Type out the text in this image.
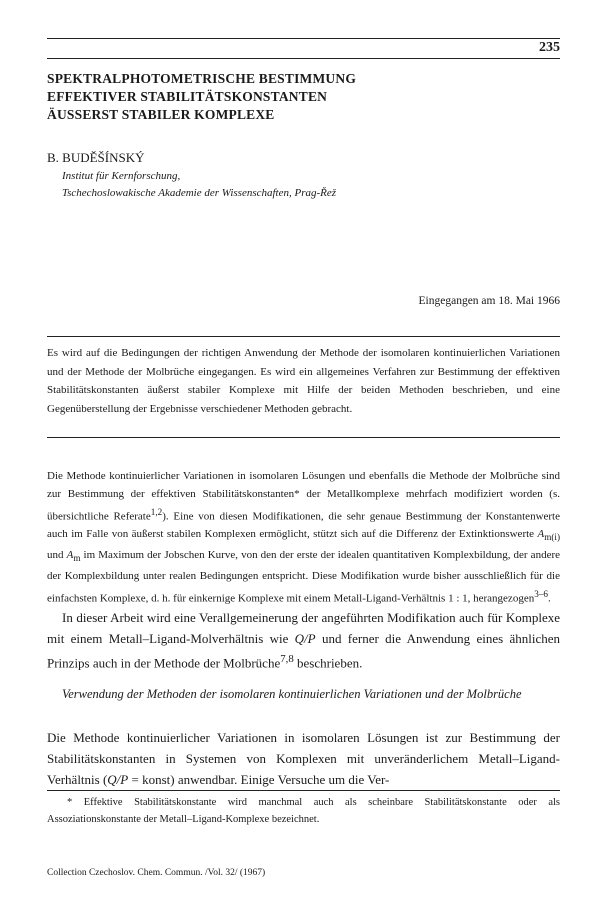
235
SPEKTRALPHOTOMETRISCHE BESTIMMUNG
EFFEKTIVER STABILITÄTSKONSTANTEN
ÄUSSERST STABILER KOMPLEXE
B. BUDĚŠÍNSKÝ
Institut für Kernforschung,
Tschechoslowakische Akademie der Wissenschaften, Prag-Řež
Eingegangen am 18. Mai 1966
Es wird auf die Bedingungen der richtigen Anwendung der Methode der isomolaren kontinuierlichen Variationen und der Methode der Molbrüche eingegangen. Es wird ein allgemeines Verfahren zur Bestimmung der effektiven Stabilitätskonstanten äußerst stabiler Komplexe mit Hilfe der beiden Methoden beschrieben, und eine Gegenüberstellung der Ergebnisse verschiedener Methoden gebracht.
Die Methode kontinuierlicher Variationen in isomolaren Lösungen und ebenfalls die Methode der Molbrüche sind zur Bestimmung der effektiven Stabilitätskonstanten* der Metallkomplexe mehrfach modifiziert worden (s. übersichtliche Referate$^{1,2}$). Eine von diesen Modifikationen, die sehr genaue Bestimmung der Konstantenwerte auch im Falle von äußerst stabilen Komplexen ermöglicht, stützt sich auf die Differenz der Extinktionswerte $A_{m(i)}$ und $A_m$ im Maximum der Jobschen Kurve, von den der erste der idealen quantitativen Komplexbildung, der andere der Komplexbildung unter realen Bedingungen entspricht. Diese Modifikation wurde bisher ausschließlich für die einfachsten Komplexe, d. h. für einkernige Komplexe mit einem Metall-Ligand-Verhältnis 1 : 1, herangezogen$^{3-6}$.
In dieser Arbeit wird eine Verallgemeinerung der angeführten Modifikation auch für Komplexe mit einem Metall–Ligand-Molverhältnis wie Q/P und ferner die Anwendung eines ähnlichen Prinzips auch in der Methode der Molbrüche$^{7,8}$ beschrieben.
Verwendung der Methoden der isomolaren kontinuierlichen Variationen und der Molbrüche
Die Methode kontinuierlicher Variationen in isomolaren Lösungen ist zur Bestimmung der Stabilitätskonstanten in Systemen von Komplexen mit unveränderlichem Metall–Ligand-Verhältnis (Q/P = konst) anwendbar. Einige Versuche um die Ver-
* Effektive Stabilitätskonstante wird manchmal auch als scheinbare Stabilitätskonstante oder als Assoziationskonstante der Metall–Ligand-Komplexe bezeichnet.
Collection Czechoslov. Chem. Commun. /Vol. 32/ (1967)
